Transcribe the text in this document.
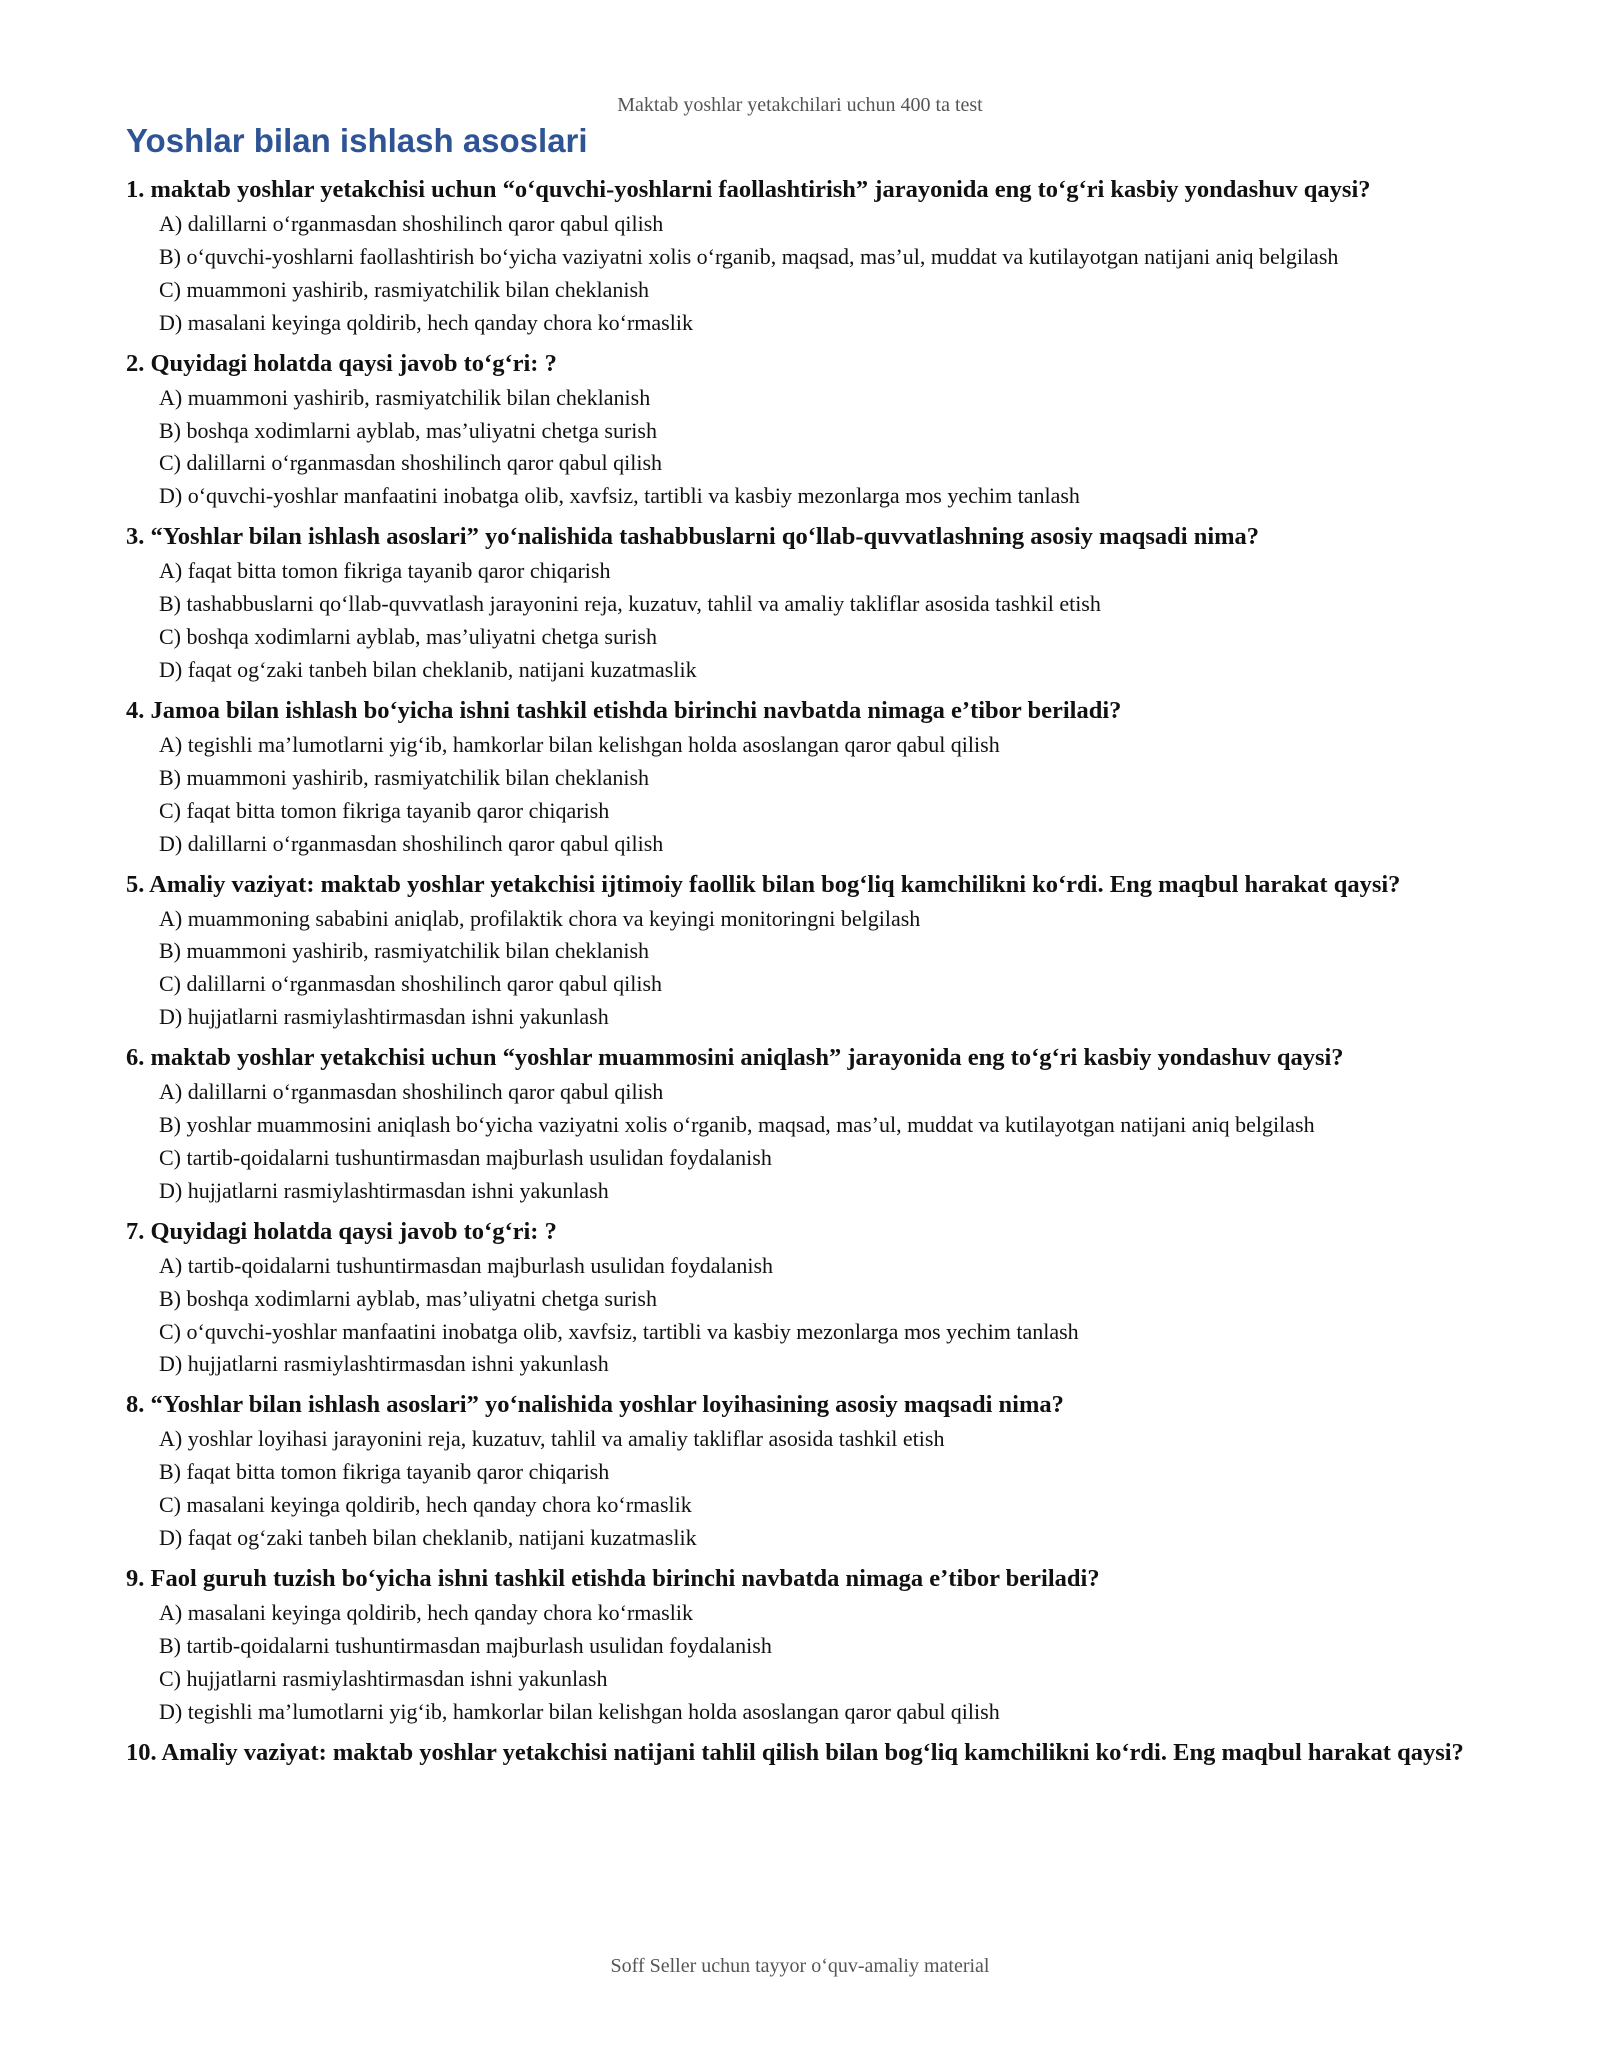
Maktab yoshlar yetakchilari uchun 400 ta test
Yoshlar bilan ishlash asoslari
1. maktab yoshlar yetakchisi uchun “o‘quvchi-yoshlarni faollashtirish” jarayonida eng to‘g‘ri kasbiy yondashuv qaysi?
A) dalillarni o‘rganmasdan shoshilinch qaror qabul qilish
B) o‘quvchi-yoshlarni faollashtirish bo‘yicha vaziyatni xolis o‘rganib, maqsad, mas’ul, muddat va kutilayotgan natijani aniq belgilash
C) muammoni yashirib, rasmiyatchilik bilan cheklanish
D) masalani keyinga qoldirib, hech qanday chora ko‘rmaslik
2. Quyidagi holatda qaysi javob to‘g‘ri: ?
A) muammoni yashirib, rasmiyatchilik bilan cheklanish
B) boshqa xodimlarni ayblab, mas’uliyatni chetga surish
C) dalillarni o‘rganmasdan shoshilinch qaror qabul qilish
D) o‘quvchi-yoshlar manfaatini inobatga olib, xavfsiz, tartibli va kasbiy mezonlarga mos yechim tanlash
3. “Yoshlar bilan ishlash asoslari” yo‘nalishida tashabbuslarni qo‘llab-quvvatlashning asosiy maqsadi nima?
A) faqat bitta tomon fikriga tayanib qaror chiqarish
B) tashabbuslarni qo‘llab-quvvatlash jarayonini reja, kuzatuv, tahlil va amaliy takliflar asosida tashkil etish
C) boshqa xodimlarni ayblab, mas’uliyatni chetga surish
D) faqat og‘zaki tanbeh bilan cheklanib, natijani kuzatmaslik
4. Jamoa bilan ishlash bo‘yicha ishni tashkil etishda birinchi navbatda nimaga e’tibor beriladi?
A) tegishli ma’lumotlarni yig‘ib, hamkorlar bilan kelishgan holda asoslangan qaror qabul qilish
B) muammoni yashirib, rasmiyatchilik bilan cheklanish
C) faqat bitta tomon fikriga tayanib qaror chiqarish
D) dalillarni o‘rganmasdan shoshilinch qaror qabul qilish
5. Amaliy vaziyat: maktab yoshlar yetakchisi ijtimoiy faollik bilan bog‘liq kamchilikni ko‘rdi. Eng maqbul harakat qaysi?
A) muammoning sababini aniqlab, profilaktik chora va keyingi monitoringni belgilash
B) muammoni yashirib, rasmiyatchilik bilan cheklanish
C) dalillarni o‘rganmasdan shoshilinch qaror qabul qilish
D) hujjatlarni rasmiylashtirmasdan ishni yakunlash
6. maktab yoshlar yetakchisi uchun “yoshlar muammosini aniqlash” jarayonida eng to‘g‘ri kasbiy yondashuv qaysi?
A) dalillarni o‘rganmasdan shoshilinch qaror qabul qilish
B) yoshlar muammosini aniqlash bo‘yicha vaziyatni xolis o‘rganib, maqsad, mas’ul, muddat va kutilayotgan natijani aniq belgilash
C) tartib-qoidalarni tushuntirmasdan majburlash usulidan foydalanish
D) hujjatlarni rasmiylashtirmasdan ishni yakunlash
7. Quyidagi holatda qaysi javob to‘g‘ri: ?
A) tartib-qoidalarni tushuntirmasdan majburlash usulidan foydalanish
B) boshqa xodimlarni ayblab, mas’uliyatni chetga surish
C) o‘quvchi-yoshlar manfaatini inobatga olib, xavfsiz, tartibli va kasbiy mezonlarga mos yechim tanlash
D) hujjatlarni rasmiylashtirmasdan ishni yakunlash
8. “Yoshlar bilan ishlash asoslari” yo‘nalishida yoshlar loyihasining asosiy maqsadi nima?
A) yoshlar loyihasi jarayonini reja, kuzatuv, tahlil va amaliy takliflar asosida tashkil etish
B) faqat bitta tomon fikriga tayanib qaror chiqarish
C) masalani keyinga qoldirib, hech qanday chora ko‘rmaslik
D) faqat og‘zaki tanbeh bilan cheklanib, natijani kuzatmaslik
9. Faol guruh tuzish bo‘yicha ishni tashkil etishda birinchi navbatda nimaga e’tibor beriladi?
A) masalani keyinga qoldirib, hech qanday chora ko‘rmaslik
B) tartib-qoidalarni tushuntirmasdan majburlash usulidan foydalanish
C) hujjatlarni rasmiylashtirmasdan ishni yakunlash
D) tegishli ma’lumotlarni yig‘ib, hamkorlar bilan kelishgan holda asoslangan qaror qabul qilish
10. Amaliy vaziyat: maktab yoshlar yetakchisi natijani tahlil qilish bilan bog‘liq kamchilikni ko‘rdi. Eng maqbul harakat qaysi?
Soff Seller uchun tayyor o‘quv-amaliy material
